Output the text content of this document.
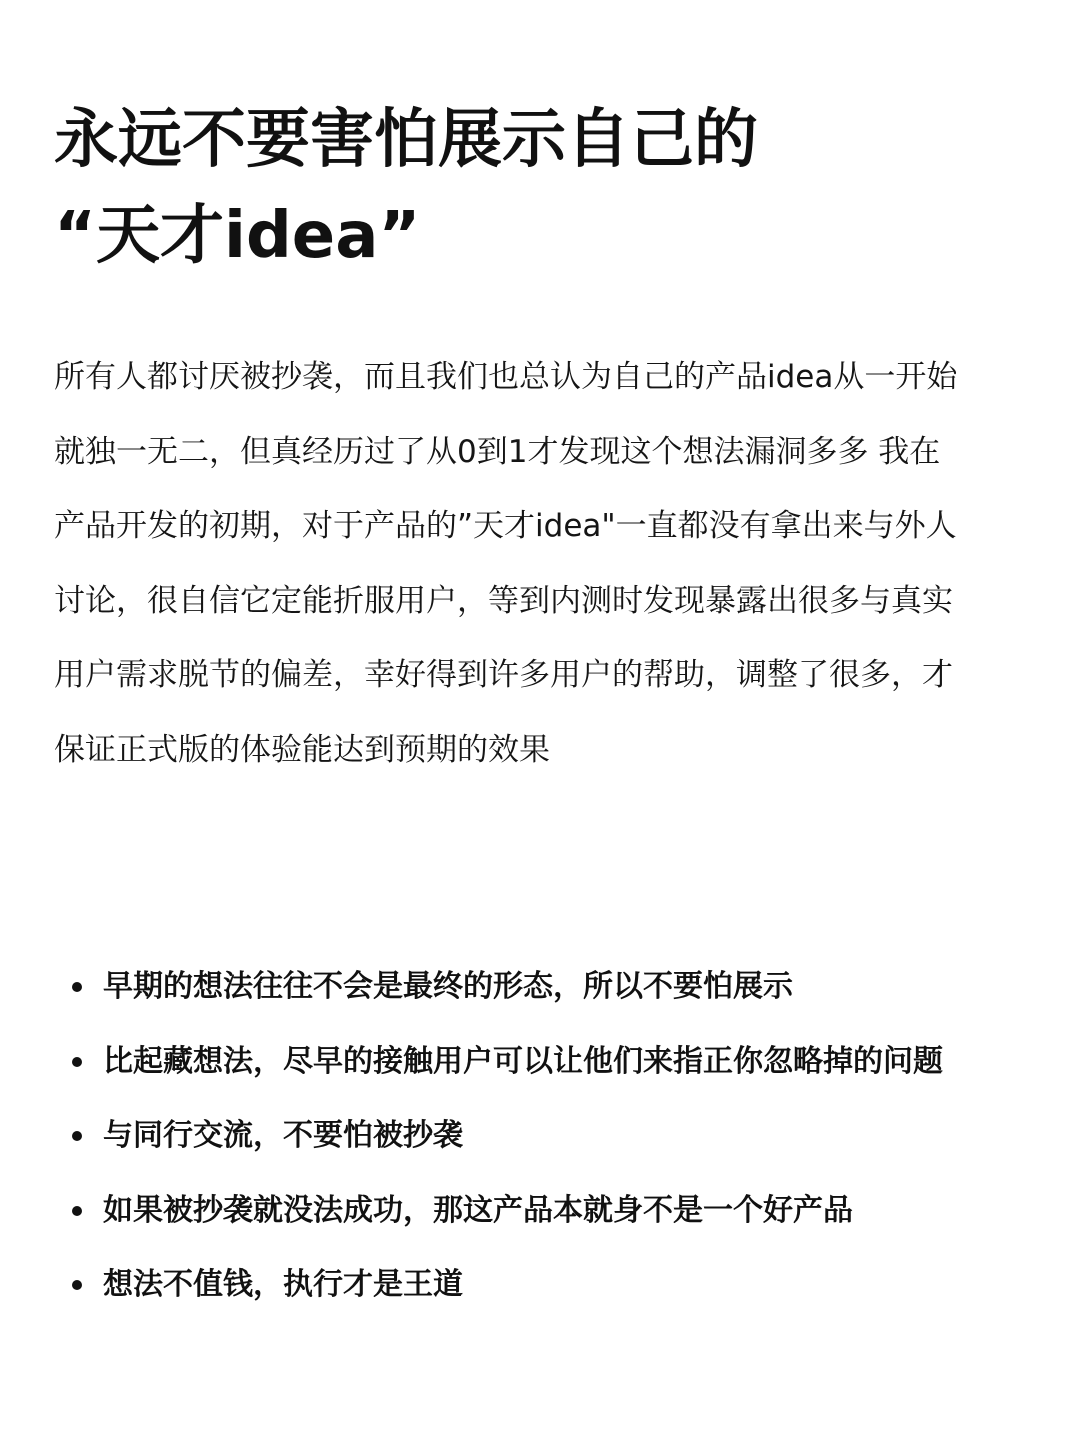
永远不要害怕展示自己的
“天才idea”
所有人都讨厌被抄袭，而且我们也总认为自己的产品idea从一开始
就独一无二，但真经历过了从0到1才发现这个想法漏洞多多 我在
产品开发的初期，对于产品的”天才idea"一直都没有拿出来与外人
讨论，很自信它定能折服用户，等到内测时发现暴露出很多与真实
用户需求脱节的偏差，幸好得到许多用户的帮助，调整了很多，才
保证正式版的体验能达到预期的效果
早期的想法往往不会是最终的形态，所以不要怕展示
比起藏想法，尽早的接触用户可以让他们来指正你忽略掉的问题
与同行交流，不要怕被抄袭
如果被抄袭就没法成功，那这产品本就身不是一个好产品
想法不值钱，执行才是王道
